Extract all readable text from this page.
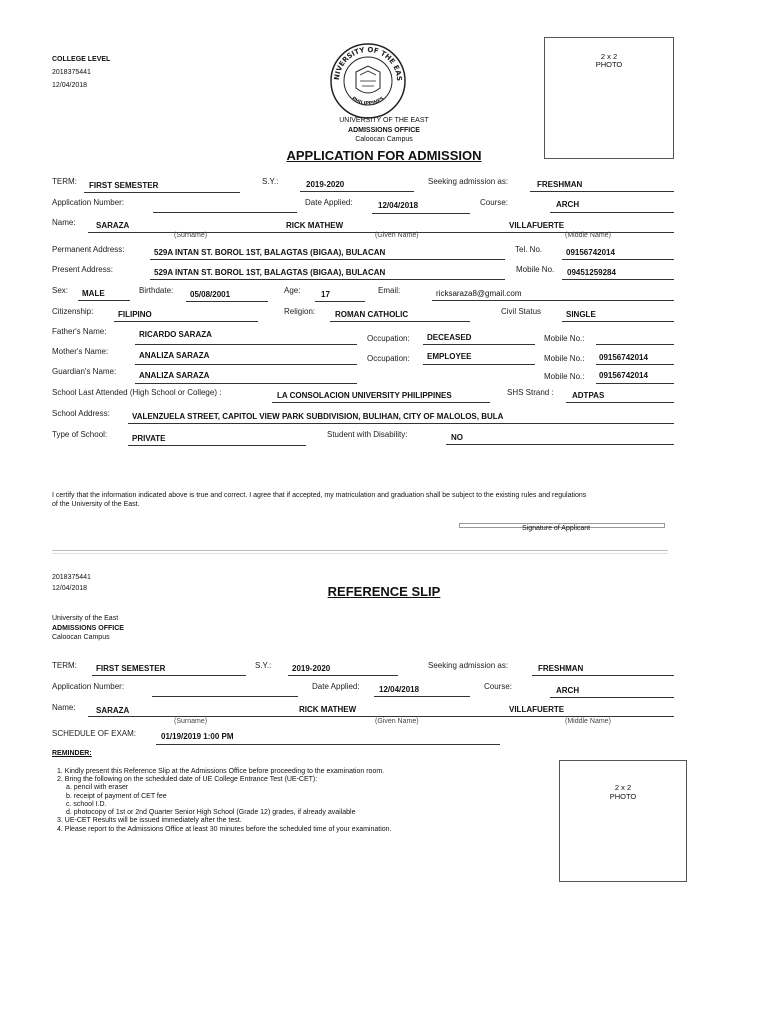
COLLEGE LEVEL
2018375441
12/04/2018
NIVERSITY OF THE EAS
PHILIPPINES
2 x 2
PHOTO
UNIVERSITY OF THE EAST
ADMISSIONS OFFICE
Caloocan Campus
APPLICATION FOR ADMISSION
TERM: FIRST SEMESTER	S.Y.:	2019-2020	Seeking admission as:	FRESHMAN
Application Number:	Date Applied:	12/04/2018	Course:	ARCH
Name:	SARAZA	RICK MATHEW	VILLAFUERTE
(Surname)	(Given Name)	(Middle Name)
Permanent Address:	529A INTAN ST. BOROL 1ST, BALAGTAS (BIGAA), BULACAN	Tel. No.	09156742014
Present Address:	529A INTAN ST. BOROL 1ST, BALAGTAS (BIGAA), BULACAN	Mobile No. 09451259284
Sex: MALE	Birthdate: 05/08/2001	Age:	17	Email:	ricksaraza8@gmail.com
Citizenship:	FILIPINO	Religion: ROMAN CATHOLIC	Civil Status	SINGLE
Father's Name:	RICARDO SARAZA	Occupation: DECEASED	Mobile No.:
Mother's Name:	ANALIZA SARAZA	Occupation: EMPLOYEE	Mobile No.: 09156742014
Guardian's Name:	ANALIZA SARAZA	Mobile No.: 09156742014
School Last Attended (High School or College) :	LA CONSOLACION UNIVERSITY PHILIPPINES	SHS Strand : ADTPAS
School Address:	VALENZUELA STREET, CAPITOL VIEW PARK SUBDIVISION, BULIHAN, CITY OF MALOLOS, BULA
Type of School:	PRIVATE	Student with Disability:	NO
I certify that the information indicated above is true and correct. I agree that if accepted, my matriculation and graduation shall be subject to the existing rules and regulations
of the University of the East.
Signature of Applicant
2018375441
12/04/2018	REFERENCE SLIP
University of the East
ADMISSIONS OFFICE
Caloocan Campus
TERM: FIRST SEMESTER	S.Y.:	2019-2020	Seeking admission as:	FRESHMAN
Application Number:	Date Applied: 12/04/2018	Course:	ARCH
Name:	SARAZA	RICK MATHEW	VILLAFUERTE
(Surname)	(Given Name)	(Middle Name)
SCHEDULE OF EXAM:	01/19/2019 1:00 PM
REMINDER:
1. Kindly present this Reference Slip at the Admissions Office before proceeding to the examination room.
2. Bring the following on the scheduled date of UE College Entrance Test (UE-CET):
a. pencil with eraser
b. receipt of payment of CET fee
c. school I.D.
d. photocopy of 1st or 2nd Quarter Senior High School (Grade 12) grades, if already available
3. UE-CET Results will be issued immediately after the test.
4. Please report to the Admissions Office at least 30 minutes before the scheduled time of your examination.
2 x 2
PHOTO
